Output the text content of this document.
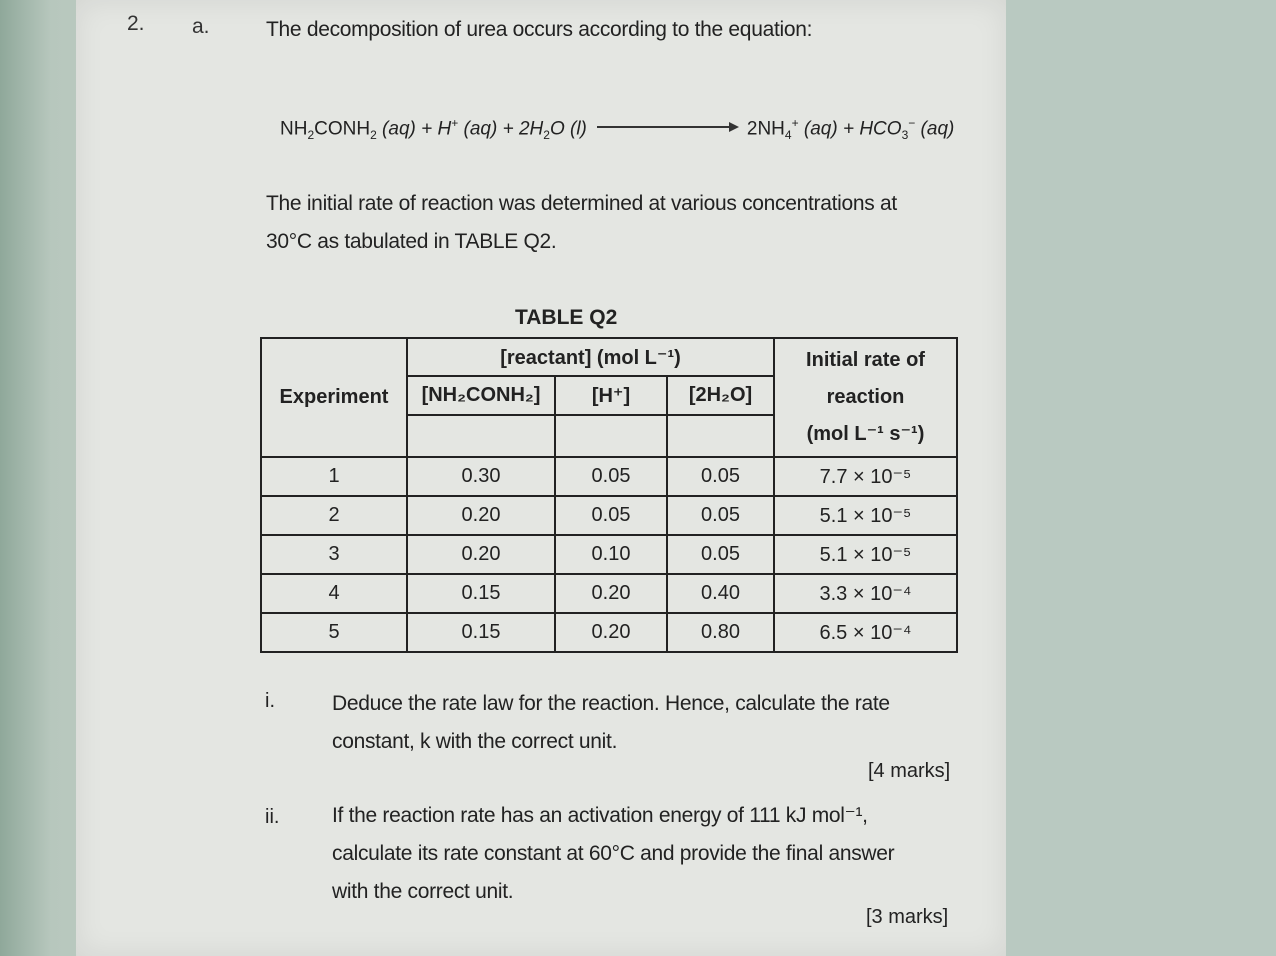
2. a.	The decomposition of urea occurs according to the equation:
$NH_2CONH_2$ (aq) + H+ $(aq) + 2H_2O$ (l)	$2NH_4^+$ $(aq) + HCO_3^-$ (aq)
The initial rate of reaction was determined at various concentrations at
30°C as tabulated in TABLE Q2.
TABLE Q2
Experiment	[reactant] (mol L⁻¹)			Initial rate of
reaction
(mol L⁻¹ s⁻¹)

	[NH₂CONH₂]	[H⁺]	[2H₂O]	

1	0.30	0.05	0.05	7.7 × 10⁻⁵
2	0.20	0.05	0.05	5.1 × 10⁻⁵
3	0.20	0.10	0.05	5.1 × 10⁻⁵
4	0.15	0.20	0.40	3.3 × 10⁻⁴
5	0.15	0.20	0.80	6.5 × 10⁻⁴
i.	Deduce the rate law for the reaction. Hence, calculate the rate
constant, k with the correct unit.
[4 marks]
ii.	If the reaction rate has an activation energy of 111 kJ mol⁻¹,
calculate its rate constant at 60°C and provide the final answer
with the correct unit.
[3 marks]
